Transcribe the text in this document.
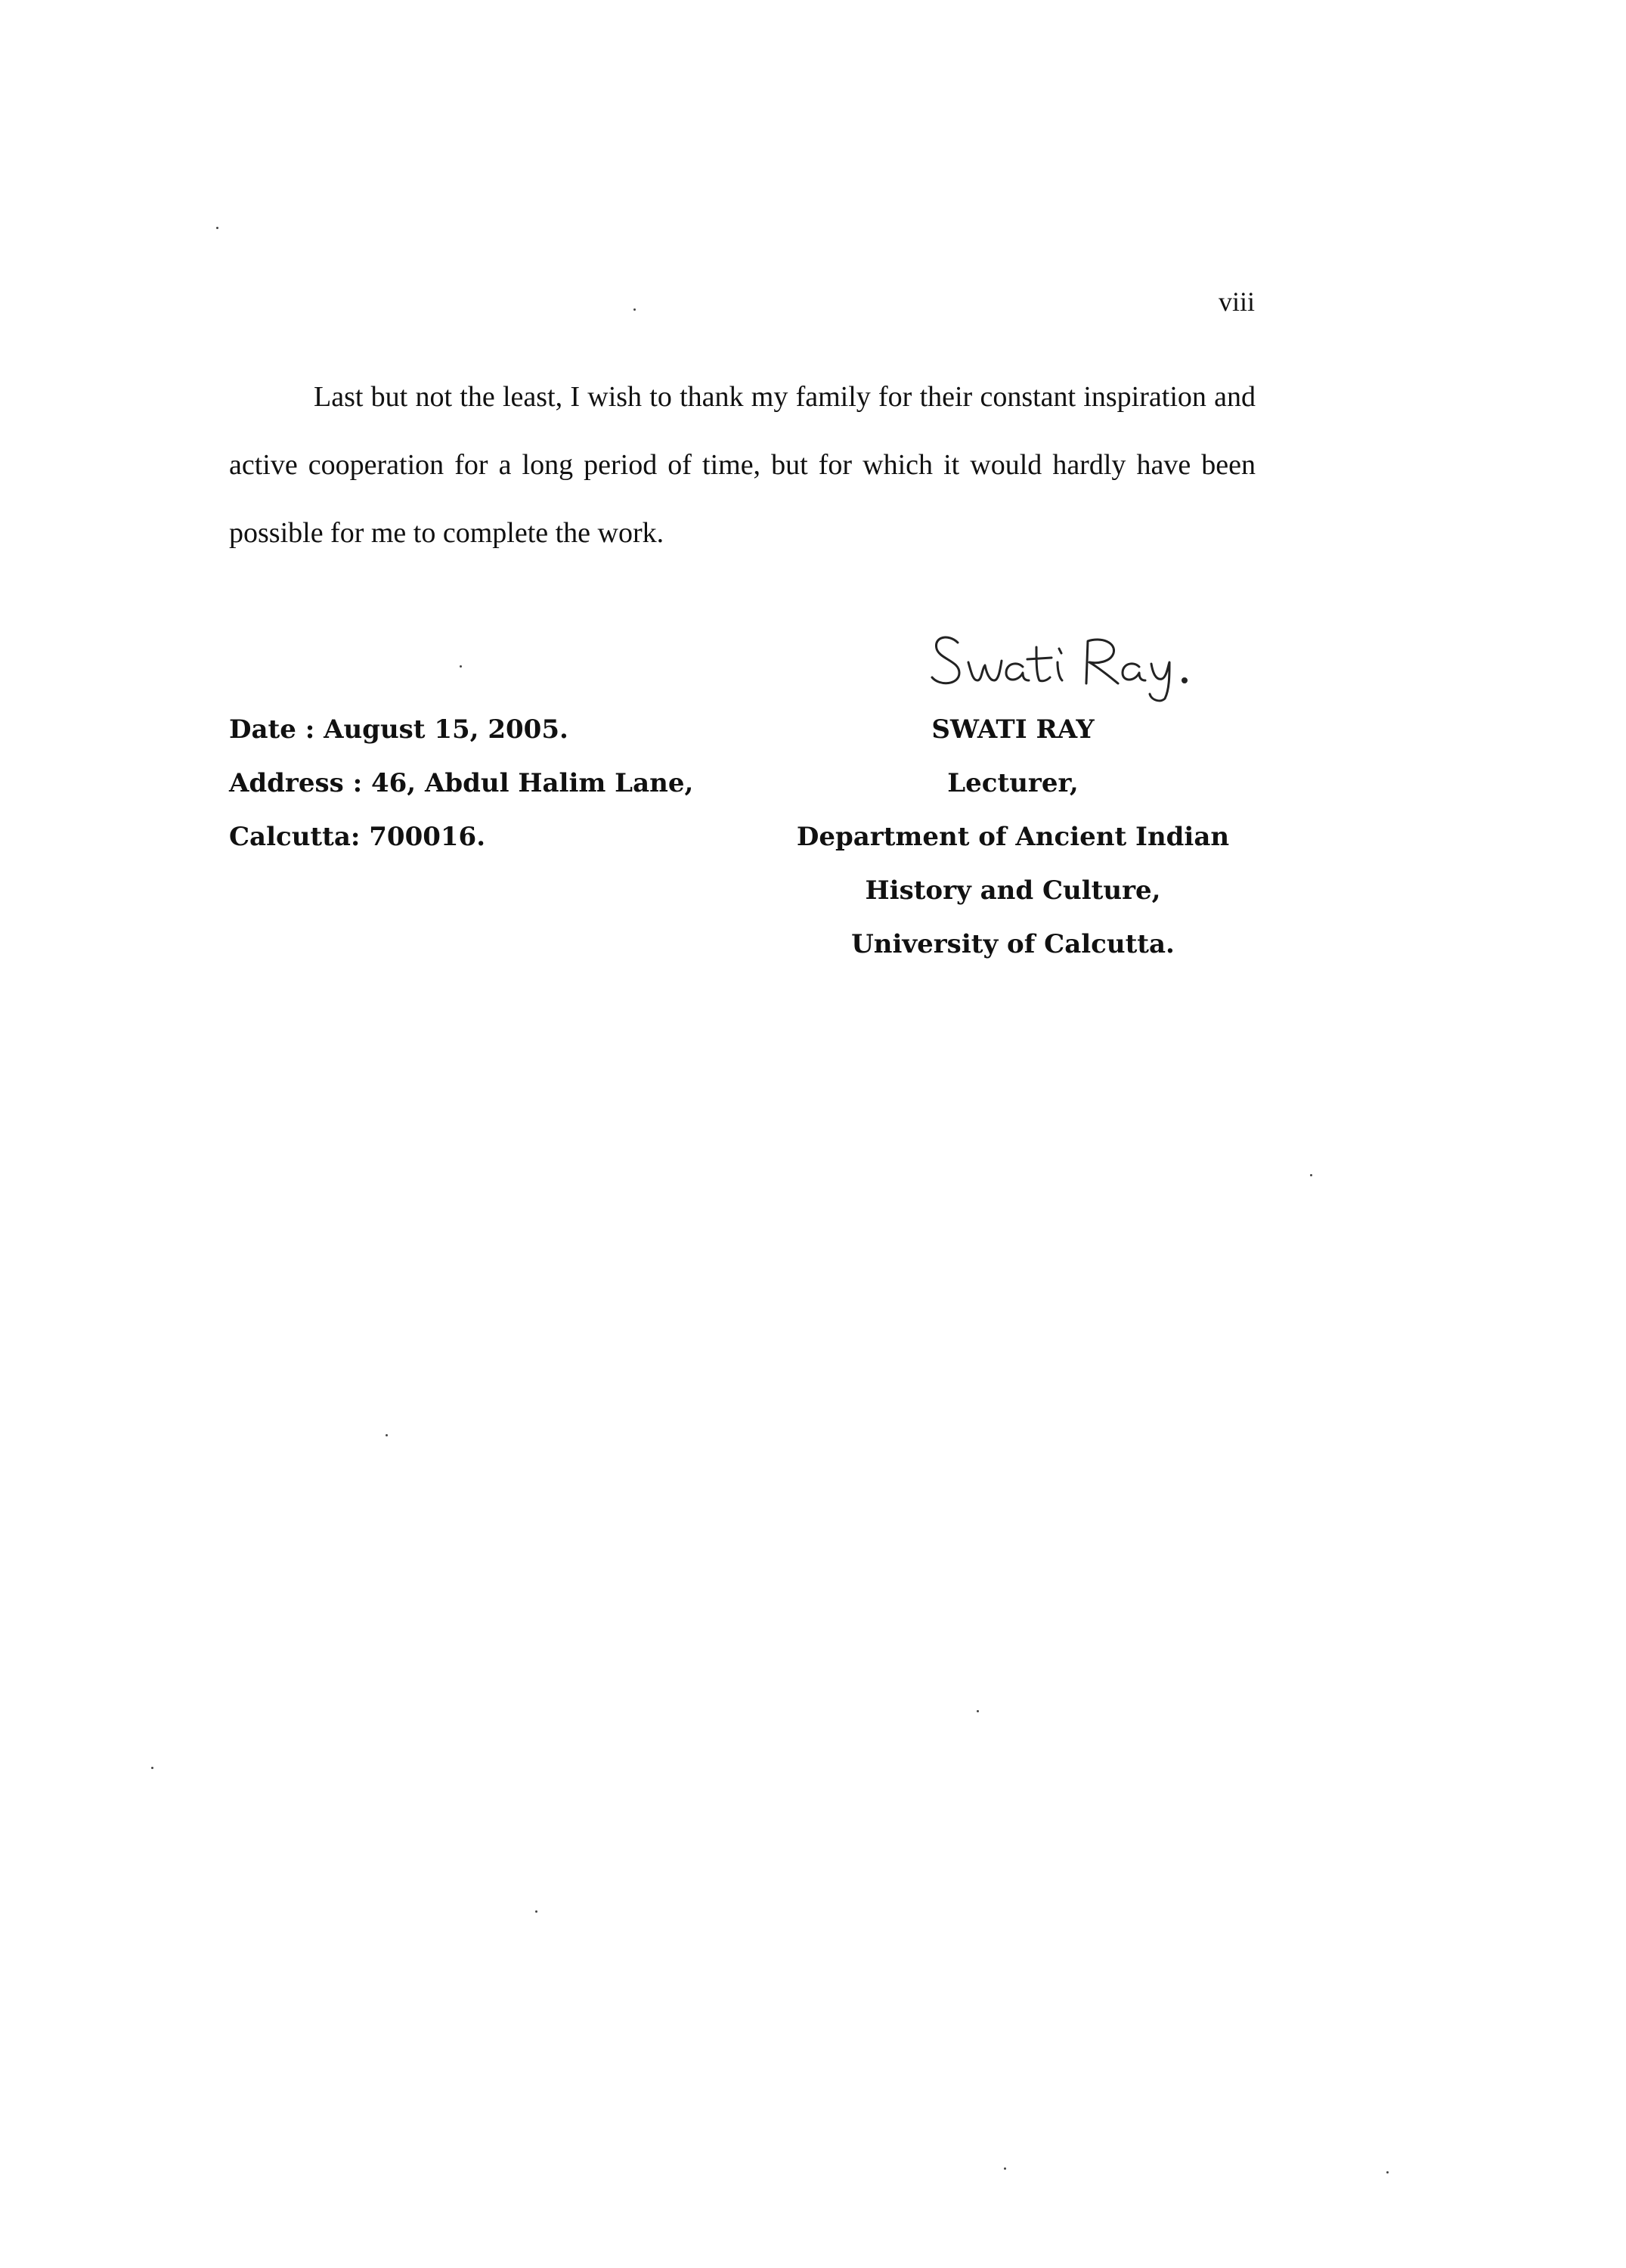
viii

Last but not the least, I wish to thank my family for their constant inspiration and active cooperation for a long period of time, but for which it would hardly have been possible for me to complete the work.

Date : August 15, 2005.
Address : 46, Abdul Halim Lane,
Calcutta: 700016.
SWATI RAY
Lecturer,
Department of Ancient Indian
History and Culture,
University of Calcutta.
